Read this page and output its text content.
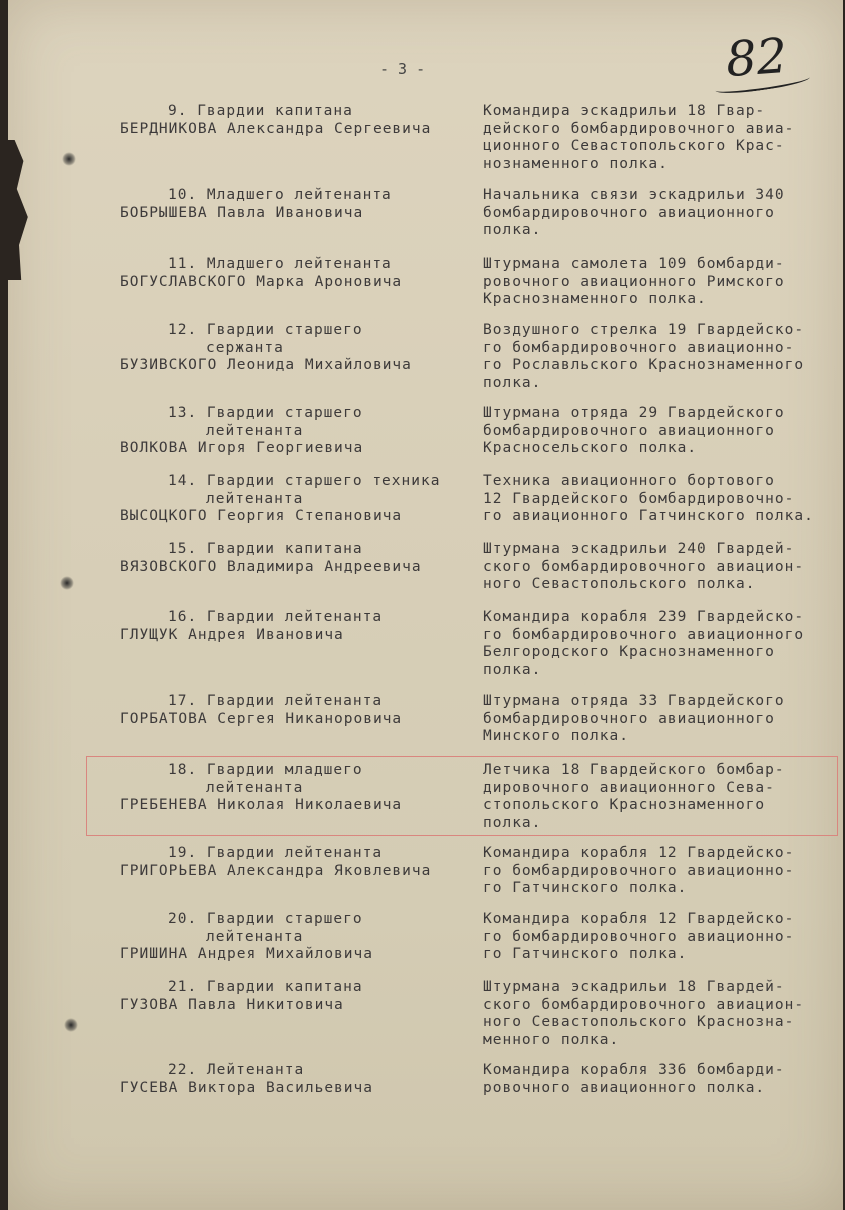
- 3 -	82
9. Гвардии капитана
БЕРДНИКОВА Александра Сергеевича
Командира эскадрильи 18 Гвар-
дейского бомбардировочного авиа-
ционного Севастопольского Крас-
нознаменного полка.
10. Младшего лейтенанта
БОБРЫШЕВА Павла Ивановича
Начальника связи эскадрильи 340
бомбардировочного авиационного
полка.
11. Младшего лейтенанта
БОГУСЛАВСКОГО Марка Ароновича
Штурмана самолета 109 бомбарди-
ровочного авиационного Римского
Краснознаменного полка.
12. Гвардии старшего
сержанта
БУЗИВСКОГО Леонида Михайловича
Воздушного стрелка 19 Гвардейско-
го бомбардировочного авиационно-
го Рославльского Краснознаменного
полка.
13. Гвардии старшего
лейтенанта
ВОЛКОВА Игоря Георгиевича
Штурмана отряда 29 Гвардейского
бомбардировочного авиационного
Красносельского полка.
14. Гвардии старшего техника
лейтенанта
ВЫСОЦКОГО Георгия Степановича
Техника авиационного бортового
12 Гвардейского бомбардировочно-
го авиационного Гатчинского полка.
15. Гвардии капитана
ВЯЗОВСКОГО Владимира Андреевича
Штурмана эскадрильи 240 Гвардей-
ского бомбардировочного авиацион-
ного Севастопольского полка.
16. Гвардии лейтенанта
ГЛУЩУК Андрея Ивановича
Командира корабля 239 Гвардейско-
го бомбардировочного авиационного
Белгородского Краснознаменного
полка.
17. Гвардии лейтенанта
ГОРБАТОВА Сергея Никаноровича
Штурмана отряда 33 Гвардейского
бомбардировочного авиационного
Минского полка.
18. Гвардии младшего
лейтенанта
ГРЕБЕНЕВА Николая Николаевича
Летчика 18 Гвардейского бомбар-
дировочного авиационного Сева-
стопольского Краснознаменного
полка.
19. Гвардии лейтенанта
ГРИГОРЬЕВА Александра Яковлевича
Командира корабля 12 Гвардейско-
го бомбардировочного авиационно-
го Гатчинского полка.
20. Гвардии старшего
лейтенанта
ГРИШИНА Андрея Михайловича
Командира корабля 12 Гвардейско-
го бомбардировочного авиационно-
го Гатчинского полка.
21. Гвардии капитана
ГУЗОВА Павла Никитовича
Штурмана эскадрильи 18 Гвардей-
ского бомбардировочного авиацион-
ного Севастопольского Краснозна-
менного полка.
22. Лейтенанта
ГУСЕВА Виктора Васильевича
Командира корабля 336 бомбарди-
ровочного авиационного полка.
